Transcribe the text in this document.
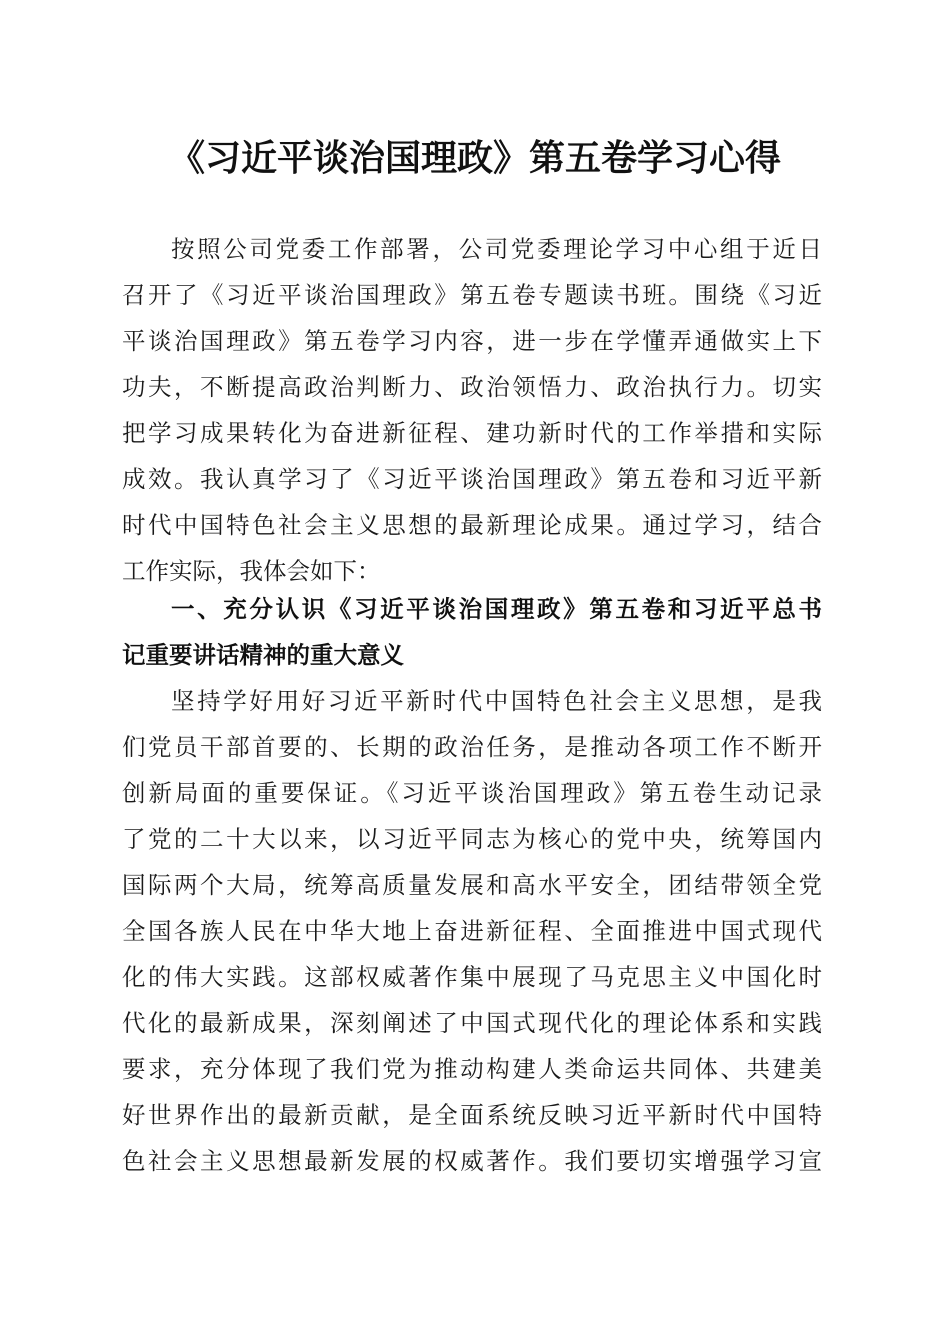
《习近平谈治国理政》第五卷学习心得
按照公司党委工作部署，公司党委理论学习中心组于近日
召开了《习近平谈治国理政》第五卷专题读书班。围绕《习近
平谈治国理政》第五卷学习内容，进一步在学懂弄通做实上下
功夫，不断提高政治判断力、政治领悟力、政治执行力。切实
把学习成果转化为奋进新征程、建功新时代的工作举措和实际
成效。我认真学习了《习近平谈治国理政》第五卷和习近平新
时代中国特色社会主义思想的最新理论成果。通过学习，结合
工作实际，我体会如下：
一、充分认识《习近平谈治国理政》第五卷和习近平总书
记重要讲话精神的重大意义
坚持学好用好习近平新时代中国特色社会主义思想，是我
们党员干部首要的、长期的政治任务，是推动各项工作不断开
创新局面的重要保证。《习近平谈治国理政》第五卷生动记录
了党的二十大以来，以习近平同志为核心的党中央，统筹国内
国际两个大局，统筹高质量发展和高水平安全，团结带领全党
全国各族人民在中华大地上奋进新征程、全面推进中国式现代
化的伟大实践。这部权威著作集中展现了马克思主义中国化时
代化的最新成果，深刻阐述了中国式现代化的理论体系和实践
要求，充分体现了我们党为推动构建人类命运共同体、共建美
好世界作出的最新贡献，是全面系统反映习近平新时代中国特
色社会主义思想最新发展的权威著作。我们要切实增强学习宣
